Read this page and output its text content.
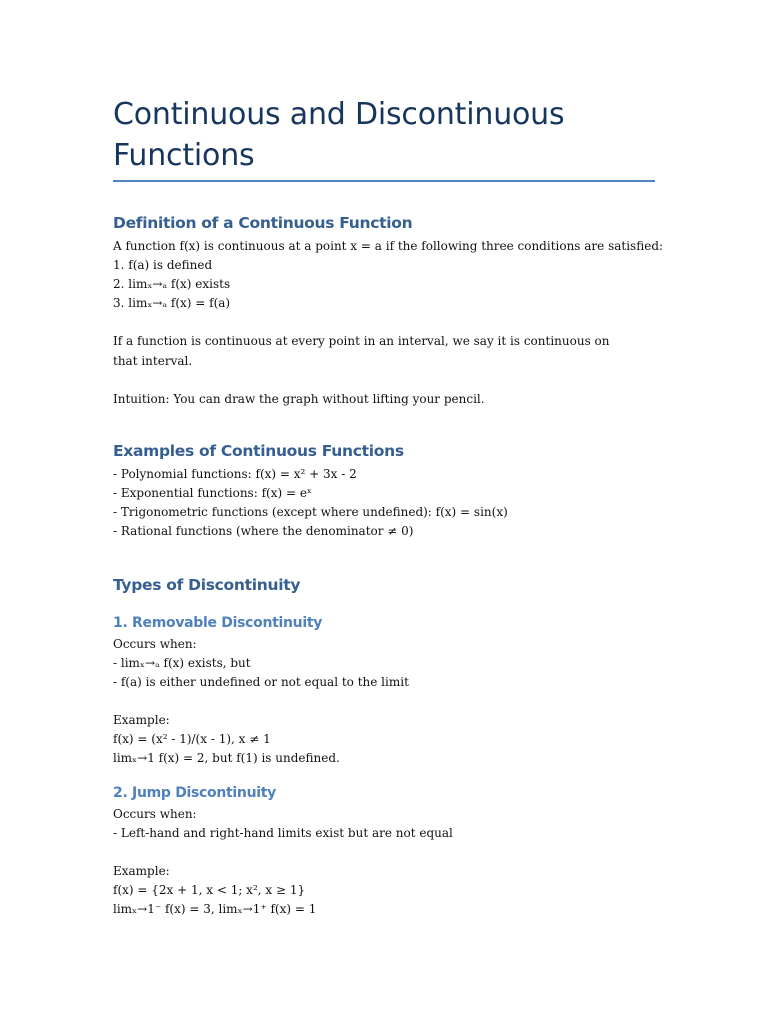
Continuous and Discontinuous Functions
Definition of a Continuous Function

A function f(x) is continuous at a point x = a if the following three conditions are satisfied:

1. f(a) is defined

2. limₓ→ₐ f(x) exists

3. limₓ→ₐ f(x) = f(a)

If a function is continuous at every point in an interval, we say it is continuous on that interval.

Intuition: You can draw the graph without lifting your pencil.

Examples of Continuous Functions

- Polynomial functions: f(x) = x² + 3x - 2

- Exponential functions: f(x) = eˣ

- Trigonometric functions (except where undefined): f(x) = sin(x)

- Rational functions (where the denominator ≠ 0)

Types of Discontinuity
1. Removable Discontinuity

Occurs when:

- limₓ→ₐ f(x) exists, but

- f(a) is either undefined or not equal to the limit

Example:

f(x) = (x² - 1)/(x - 1), x ≠ 1

limₓ→1 f(x) = 2, but f(1) is undefined.

2. Jump Discontinuity

Occurs when:

- Left-hand and right-hand limits exist but are not equal

Example:

f(x) = {2x + 1, x < 1; x², x ≥ 1}

limₓ→1⁻ f(x) = 3, limₓ→1⁺ f(x) = 1
